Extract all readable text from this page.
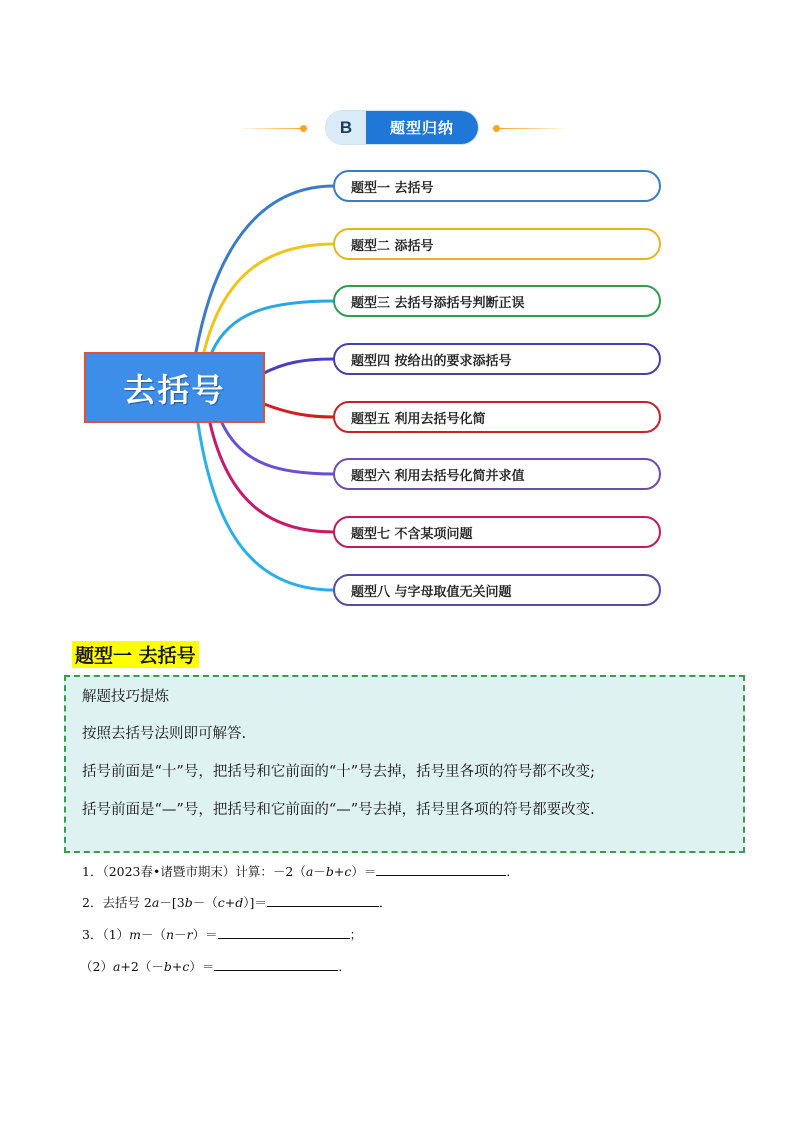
B	题型归纳
去括号
题型一 去括号
题型二 添括号
题型三 去括号添括号判断正误
题型四 按给出的要求添括号
题型五 利用去括号化简
题型六 利用去括号化简并求值
题型七 不含某项问题
题型八 与字母取值无关问题
题型一 去括号

解题技巧提炼

按照去括号法则即可解答.

括号前面是“十”号，把括号和它前面的“十”号去掉，括号里各项的符号都不改变;

括号前面是“—”号，把括号和它前面的“—”号去掉，括号里各项的符号都要改变.

1．（2023春•诸暨市期末）计算：－2（a－b+c）＝	．
2．去括号 2a－[3b－（c+d）]＝	．
3．（1）m－（n－r）＝	；
（2）a+2（－b+c）＝	．
